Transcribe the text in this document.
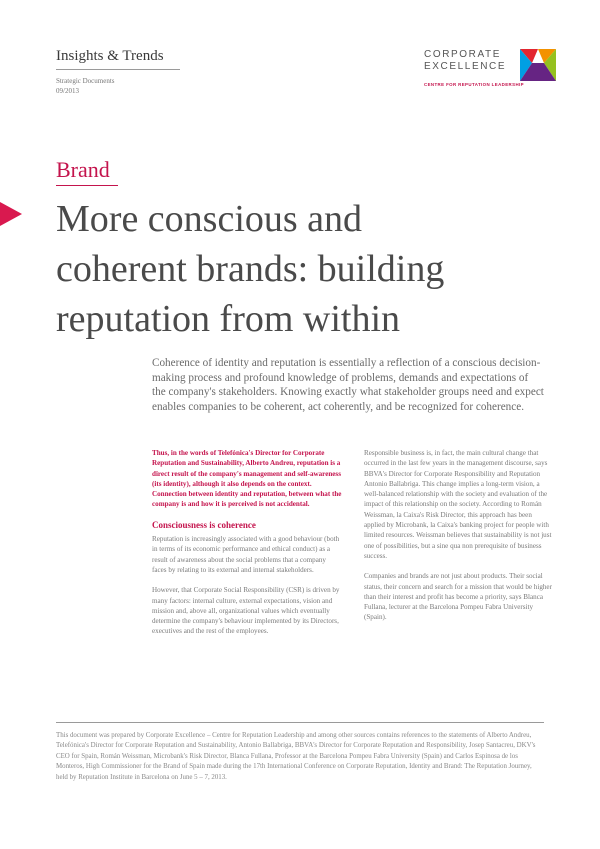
Insights & Trends
Strategic Documents
09/2013
CORPORATE
EXCELLENCE
CENTRE FOR REPUTATION LEADERSHIP
Brand
More conscious and
coherent brands: building
reputation from within
Coherence of identity and reputation is essentially a reflection of a conscious decision-making process and profound knowledge of problems, demands and expectations of the company's stakeholders. Knowing exactly what stakeholder groups need and expect enables companies to be coherent, act coherently, and be recognized for coherence.

Thus, in the words of Telefónica's Director for Corporate Reputation and Sustainability, Alberto Andreu, reputation is a direct result of the company's management and self-awareness (its identity), although it also depends on the context. Connection between identity and reputation, between what the company is and how it is perceived is not accidental.

Consciousness is coherence

Reputation is increasingly associated with a good behaviour (both in terms of its economic performance and ethical conduct) as a result of awareness about the social problems that a company faces by relating to its external and internal stakeholders.

However, that Corporate Social Responsibility (CSR) is driven by many factors: internal culture, external expectations, vision and mission and, above all, organizational values which eventually determine the company's behaviour implemented by its Directors, executives and the rest of the employees.

Responsible business is, in fact, the main cultural change that occurred in the last few years in the management discourse, says BBVA's Director for Corporate Responsibility and Reputation Antonio Ballabriga. This change implies a long-term vision, a well-balanced relationship with the society and evaluation of the impact of this relationship on the society. According to Román Weissman, la Caixa's Risk Director, this approach has been applied by Microbank, la Caixa's banking project for people with limited resources. Weissman believes that sustainability is not just one of possibilities, but a sine qua non prerequisite of business success.

Companies and brands are not just about products. Their social status, their concern and search for a mission that would be higher than their interest and profit has become a priority, says Blanca Fullana, lecturer at the Barcelona Pompeu Fabra University (Spain).

This document was prepared by Corporate Excellence – Centre for Reputation Leadership and among other sources contains references to the statements of Alberto Andreu, Telefónica's Director for Corporate Reputation and Sustainability, Antonio Ballabriga, BBVA's Director for Corporate Reputation and Responsibility, Josep Santacreu, DKV's CEO for Spain, Román Weissman, Microbank's Risk Director, Blanca Fullana, Professor at the Barcelona Pompeu Fabra University (Spain) and Carlos Espinosa de los Monteros, High Commissioner for the Brand of Spain made during the 17th International Conference on Corporate Reputation, Identity and Brand: The Reputation Journey, held by Reputation Institute in Barcelona on June 5 – 7, 2013.
